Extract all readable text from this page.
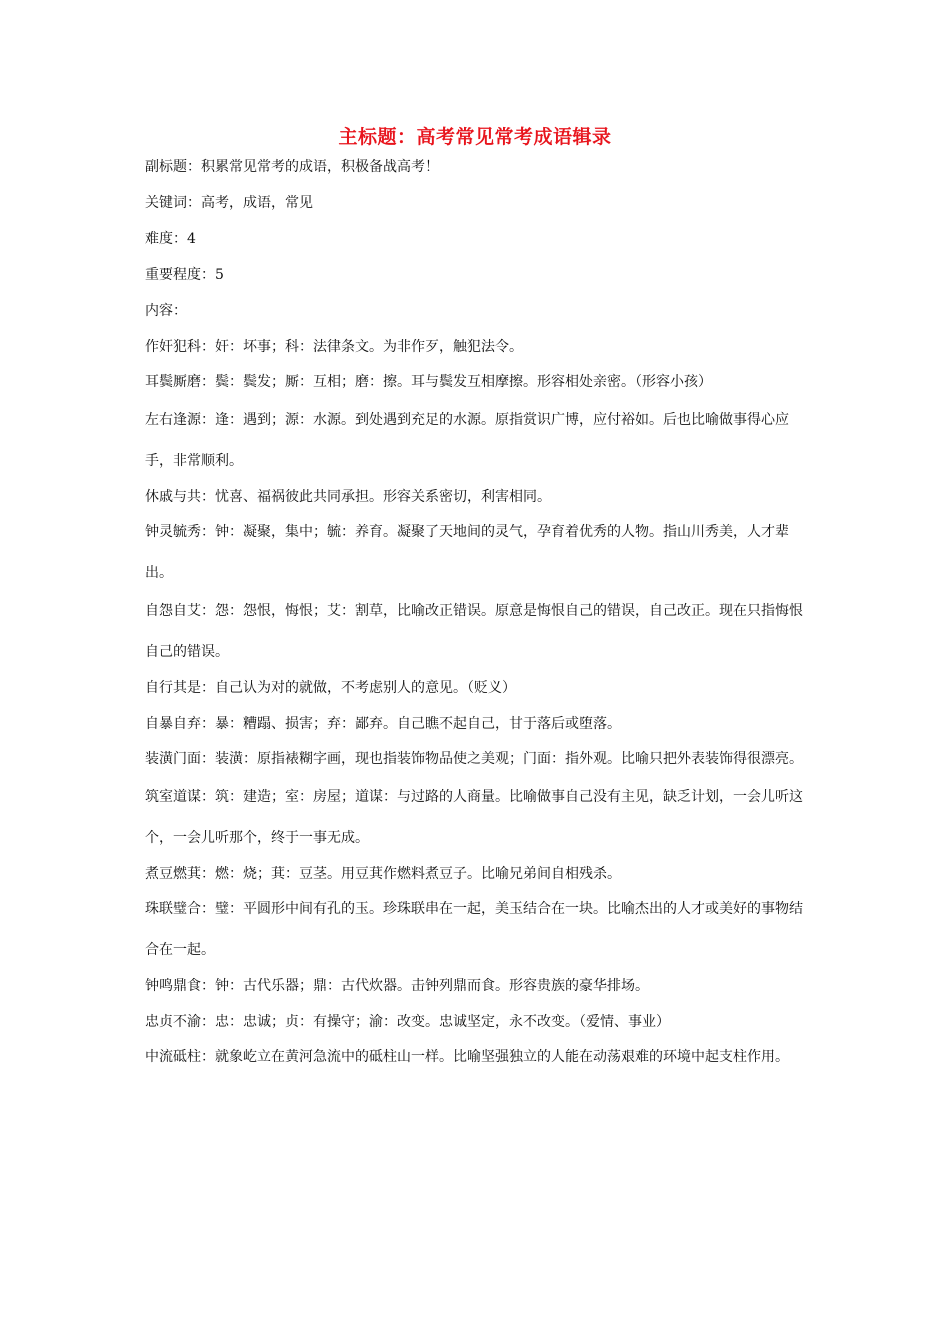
主标题：高考常见常考成语辑录
副标题：积累常见常考的成语，积极备战高考！
关键词：高考，成语，常见
难度：4
重要程度：5
内容：
作奸犯科：奸：坏事；科：法律条文。为非作歹，触犯法令。
耳鬓厮磨：鬓：鬓发；厮：互相；磨：擦。耳与鬓发互相摩擦。形容相处亲密。（形容小孩）
左右逢源：逢：遇到；源：水源。到处遇到充足的水源。原指赏识广博，应付裕如。后也比喻做事得心应手，非常顺利。
休戚与共：忧喜、福祸彼此共同承担。形容关系密切，利害相同。
钟灵毓秀：钟：凝聚，集中；毓：养育。凝聚了天地间的灵气，孕育着优秀的人物。指山川秀美，人才辈出。
自怨自艾：怨：怨恨，悔恨；艾：割草，比喻改正错误。原意是悔恨自己的错误，自己改正。现在只指悔恨自己的错误。
自行其是：自己认为对的就做，不考虑别人的意见。（贬义）
自暴自弃：暴：糟蹋、损害；弃：鄙弃。自己瞧不起自己，甘于落后或堕落。
装潢门面：装潢：原指裱糊字画，现也指装饰物品使之美观；门面：指外观。比喻只把外表装饰得很漂亮。
筑室道谋：筑：建造；室：房屋；道谋：与过路的人商量。比喻做事自己没有主见，缺乏计划，一会儿听这个，一会儿听那个，终于一事无成。
煮豆燃萁：燃：烧；萁：豆茎。用豆萁作燃料煮豆子。比喻兄弟间自相残杀。
珠联璧合：璧：平圆形中间有孔的玉。珍珠联串在一起，美玉结合在一块。比喻杰出的人才或美好的事物结合在一起。
钟鸣鼎食：钟：古代乐器；鼎：古代炊器。击钟列鼎而食。形容贵族的豪华排场。
忠贞不渝：忠：忠诚；贞：有操守；渝：改变。忠诚坚定，永不改变。（爱情、事业）
中流砥柱：就象屹立在黄河急流中的砥柱山一样。比喻坚强独立的人能在动荡艰难的环境中起支柱作用。
